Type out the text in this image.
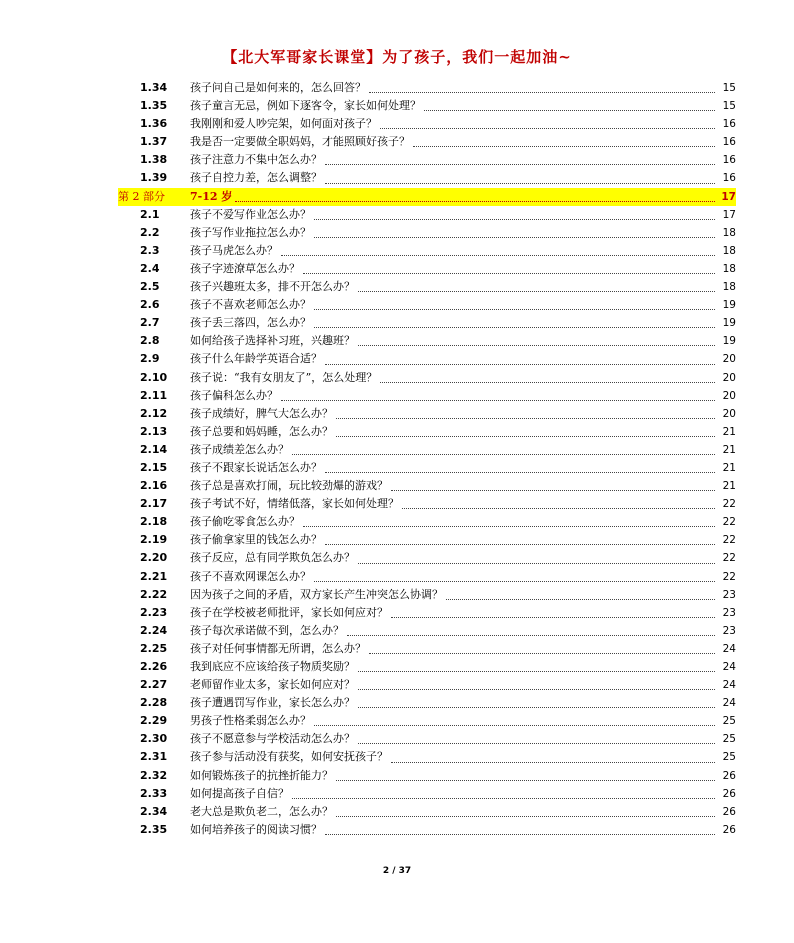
【北大军哥家长课堂】为了孩子，我们一起加油~
1.34	孩子问自己是如何来的，怎么回答？	15
1.35	孩子童言无忌，例如下逐客令，家长如何处理？	15
1.36	我刚刚和爱人吵完架，如何面对孩子？	16
1.37	我是否一定要做全职妈妈，才能照顾好孩子？	16
1.38	孩子注意力不集中怎么办？	16
1.39	孩子自控力差，怎么调整？	16
第 2 部分	7-12 岁	17
2.1	孩子不爱写作业怎么办？	17
2.2	孩子写作业拖拉怎么办？	18
2.3	孩子马虎怎么办？	18
2.4	孩子字迹潦草怎么办？	18
2.5	孩子兴趣班太多，排不开怎么办？	18
2.6	孩子不喜欢老师怎么办？	19
2.7	孩子丢三落四，怎么办？	19
2.8	如何给孩子选择补习班，兴趣班？	19
2.9	孩子什么年龄学英语合适？	20
2.10	孩子说：“我有女朋友了”，怎么处理？	20
2.11	孩子偏科怎么办？	20
2.12	孩子成绩好，脾气大怎么办？	20
2.13	孩子总要和妈妈睡，怎么办？	21
2.14	孩子成绩差怎么办？	21
2.15	孩子不跟家长说话怎么办？	21
2.16	孩子总是喜欢打闹，玩比较劲爆的游戏？	21
2.17	孩子考试不好，情绪低落，家长如何处理？	22
2.18	孩子偷吃零食怎么办？	22
2.19	孩子偷拿家里的钱怎么办？	22
2.20	孩子反应，总有同学欺负怎么办？	22
2.21	孩子不喜欢网课怎么办？	22
2.22	因为孩子之间的矛盾，双方家长产生冲突怎么协调？	23
2.23	孩子在学校被老师批评，家长如何应对？	23
2.24	孩子每次承诺做不到，怎么办？	23
2.25	孩子对任何事情都无所谓，怎么办？	24
2.26	我到底应不应该给孩子物质奖励？	24
2.27	老师留作业太多，家长如何应对？	24
2.28	孩子遭遇罚写作业，家长怎么办？	24
2.29	男孩子性格柔弱怎么办？	25
2.30	孩子不愿意参与学校活动怎么办？	25
2.31	孩子参与活动没有获奖，如何安抚孩子？	25
2.32	如何锻炼孩子的抗挫折能力？	26
2.33	如何提高孩子自信？	26
2.34	老大总是欺负老二，怎么办？	26
2.35	如何培养孩子的阅读习惯？	26
2 / 37
